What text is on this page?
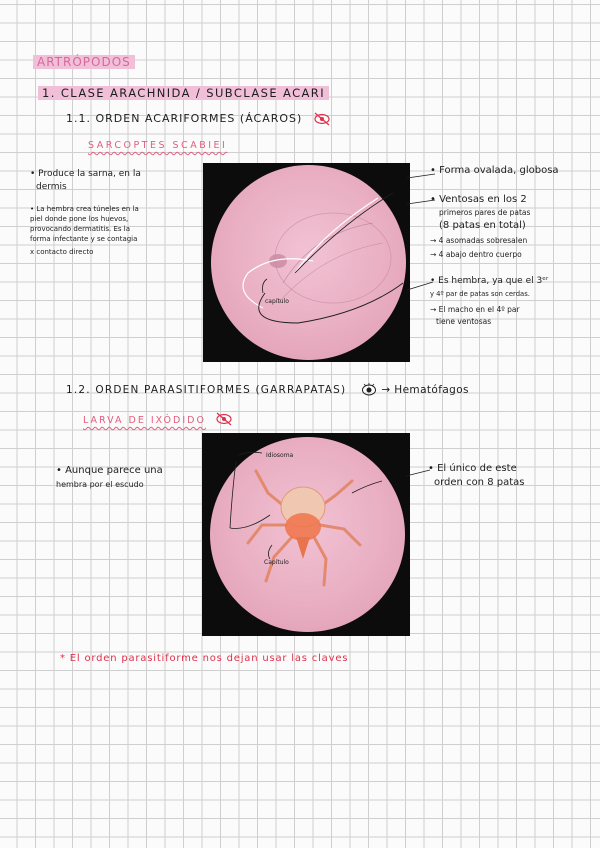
ARTRÓPODOS
1. CLASE ARACHNIDA / SUBCLASE ACARI
1.1. ORDEN ACARIFORMES (ÁCAROS)
SARCOPTES SCABIEI
• Produce la sarna, en la
dermis
• La hembra crea túneles en la
piel donde pone los huevos,
provocando dermatitis. Es la
forma infectante y se contagia
x contacto directo
capítulo
• Forma ovalada, globosa
• Ventosas en los 2
primeros pares de patas
(8 patas en total)
→ 4 asomadas sobresalen
→ 4 abajo dentro cuerpo
• Es hembra, ya que el 3ᵉʳ
y 4º par de patas son cerdas.
→ El macho en el 4º par
tiene ventosas
1.2. ORDEN PARASITIFORMES (GARRAPATAS)	→ Hematófagos
LARVA DE IXÓDIDO
• Aunque parece una
hembra por el escudo
Idiosoma
Capítulo
• El único de este
orden con 8 patas
* El orden parasitiforme nos dejan usar las claves
